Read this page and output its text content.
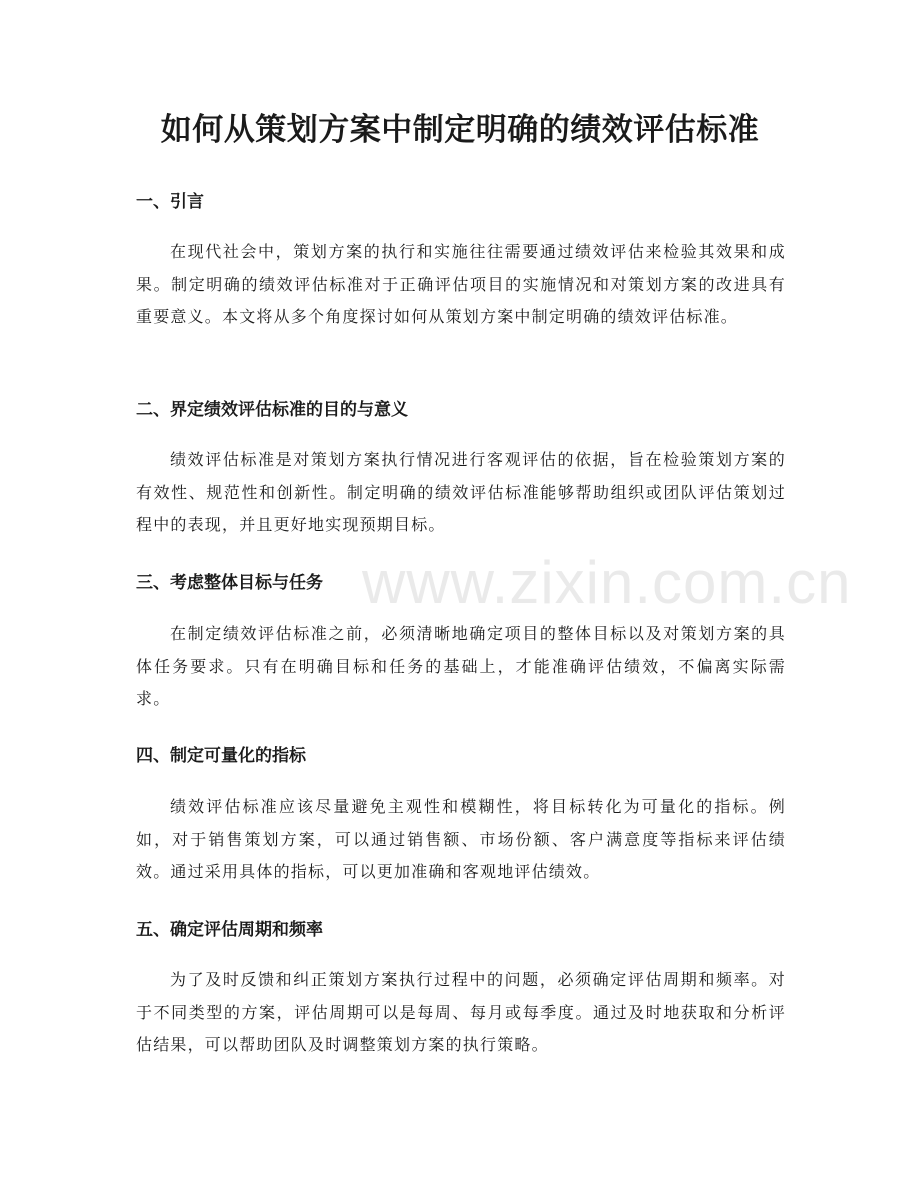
www.zixin.com.cn
如何从策划方案中制定明确的绩效评估标准
一、引言

在现代社会中，策划方案的执行和实施往往需要通过绩效评估来检验其效果和成果。制定明确的绩效评估标准对于正确评估项目的实施情况和对策划方案的改进具有重要意义。本文将从多个角度探讨如何从策划方案中制定明确的绩效评估标准。

二、界定绩效评估标准的目的与意义

绩效评估标准是对策划方案执行情况进行客观评估的依据，旨在检验策划方案的有效性、规范性和创新性。制定明确的绩效评估标准能够帮助组织或团队评估策划过程中的表现，并且更好地实现预期目标。

三、考虑整体目标与任务

在制定绩效评估标准之前，必须清晰地确定项目的整体目标以及对策划方案的具体任务要求。只有在明确目标和任务的基础上，才能准确评估绩效，不偏离实际需求。

四、制定可量化的指标

绩效评估标准应该尽量避免主观性和模糊性，将目标转化为可量化的指标。例如，对于销售策划方案，可以通过销售额、市场份额、客户满意度等指标来评估绩效。通过采用具体的指标，可以更加准确和客观地评估绩效。

五、确定评估周期和频率

为了及时反馈和纠正策划方案执行过程中的问题，必须确定评估周期和频率。对于不同类型的方案，评估周期可以是每周、每月或每季度。通过及时地获取和分析评估结果，可以帮助团队及时调整策划方案的执行策略。
